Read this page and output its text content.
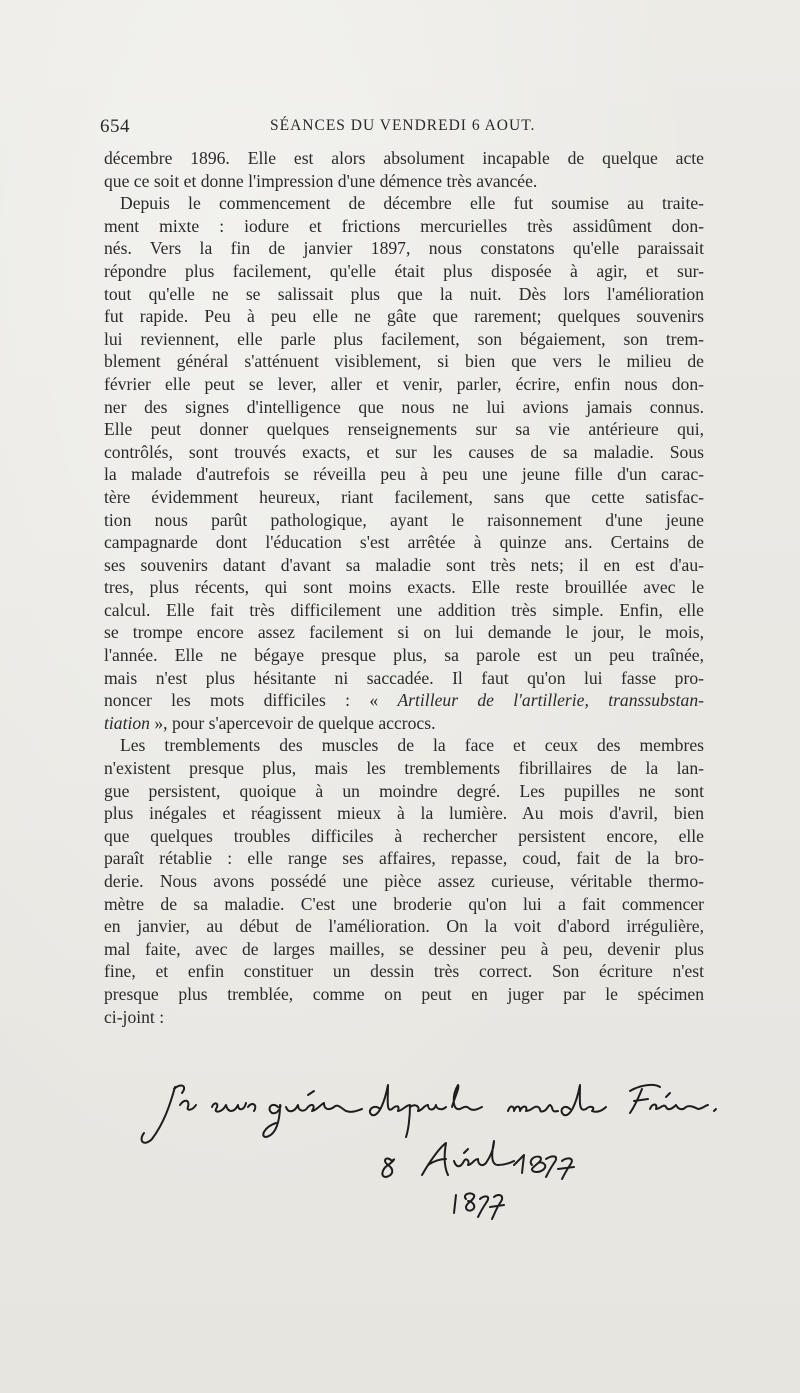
654	SÉANCES DU VENDREDI 6 AOUT.
décembre 1896. Elle est alors absolument incapable de quelque acte
que ce soit et donne l'impression d'une démence très avancée.
Depuis le commencement de décembre elle fut soumise au traite-
ment mixte : iodure et frictions mercurielles très assidûment don-
nés. Vers la fin de janvier 1897, nous constatons qu'elle paraissait
répondre plus facilement, qu'elle était plus disposée à agir, et sur-
tout qu'elle ne se salissait plus que la nuit. Dès lors l'amélioration
fut rapide. Peu à peu elle ne gâte que rarement; quelques souvenirs
lui reviennent, elle parle plus facilement, son bégaiement, son trem-
blement général s'atténuent visiblement, si bien que vers le milieu de
février elle peut se lever, aller et venir, parler, écrire, enfin nous don-
ner des signes d'intelligence que nous ne lui avions jamais connus.
Elle peut donner quelques renseignements sur sa vie antérieure qui,
contrôlés, sont trouvés exacts, et sur les causes de sa maladie. Sous
la malade d'autrefois se réveilla peu à peu une jeune fille d'un carac-
tère évidemment heureux, riant facilement, sans que cette satisfac-
tion nous parût pathologique, ayant le raisonnement d'une jeune
campagnarde dont l'éducation s'est arrêtée à quinze ans. Certains de
ses souvenirs datant d'avant sa maladie sont très nets; il en est d'au-
tres, plus récents, qui sont moins exacts. Elle reste brouillée avec le
calcul. Elle fait très difficilement une addition très simple. Enfin, elle
se trompe encore assez facilement si on lui demande le jour, le mois,
l'année. Elle ne bégaye presque plus, sa parole est un peu traînée,
mais n'est plus hésitante ni saccadée. Il faut qu'on lui fasse pro-
noncer les mots difficiles : « Artilleur de l'artillerie, transsubstan-
tiation », pour s'apercevoir de quelque accrocs.
Les tremblements des muscles de la face et ceux des membres
n'existent presque plus, mais les tremblements fibrillaires de la lan-
gue persistent, quoique à un moindre degré. Les pupilles ne sont
plus inégales et réagissent mieux à la lumière. Au mois d'avril, bien
que quelques troubles difficiles à rechercher persistent encore, elle
paraît rétablie : elle range ses affaires, repasse, coud, fait de la bro-
derie. Nous avons possédé une pièce assez curieuse, véritable thermo-
mètre de sa maladie. C'est une broderie qu'on lui a fait commencer
en janvier, au début de l'amélioration. On la voit d'abord irrégulière,
mal faite, avec de larges mailles, se dessiner peu à peu, devenir plus
fine, et enfin constituer un dessin très correct. Son écriture n'est
presque plus tremblée, comme on peut en juger par le spécimen
ci-joint :
